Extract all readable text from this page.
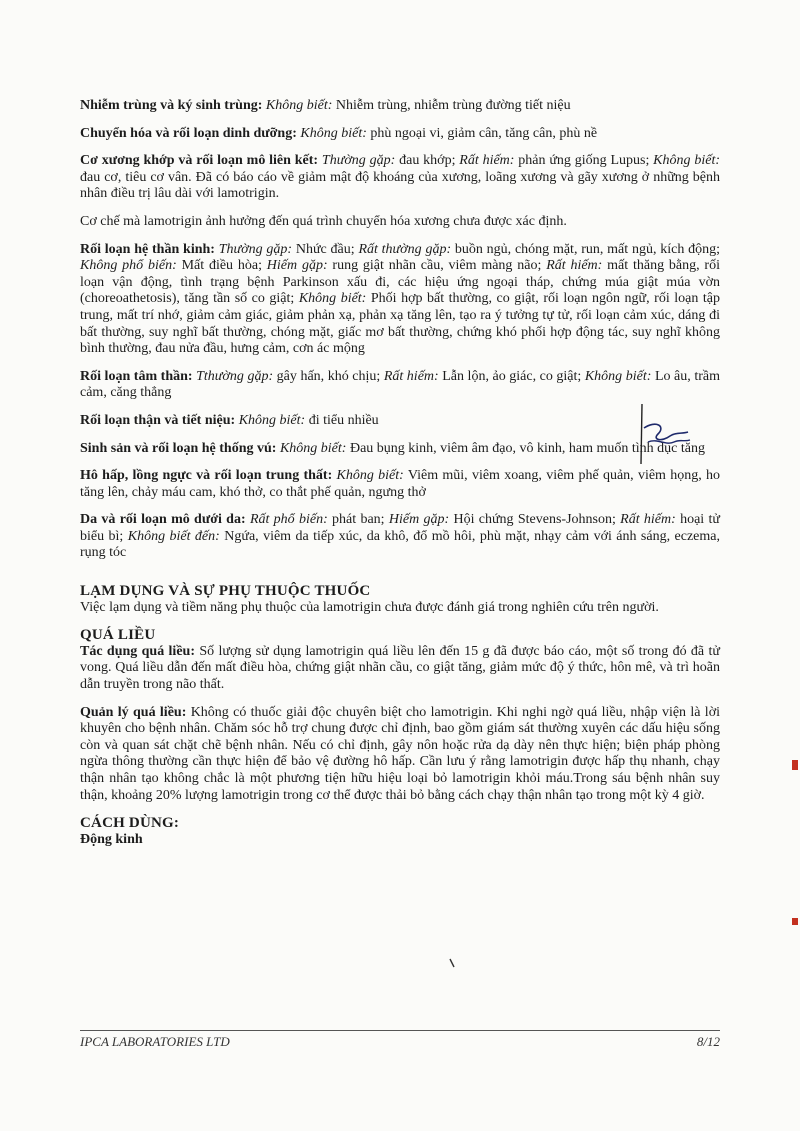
Nhiễm trùng và ký sinh trùng: Không biết: Nhiễm trùng, nhiễm trùng đường tiết niệu

Chuyển hóa và rối loạn dinh dưỡng: Không biết: phù ngoại vi, giảm cân, tăng cân, phù nề

Cơ xương khớp và rối loạn mô liên kết: Thường gặp: đau khớp; Rất hiếm: phản ứng giống Lupus; Không biết: đau cơ, tiêu cơ vân. Đã có báo cáo về giảm mật độ khoáng của xương, loãng xương và gãy xương ở những bệnh nhân điều trị lâu dài với lamotrigin.

Cơ chế mà lamotrigin ảnh hưởng đến quá trình chuyển hóa xương chưa được xác định.

Rối loạn hệ thần kinh: Thường gặp: Nhức đầu; Rất thường gặp: buồn ngủ, chóng mặt, run, mất ngủ, kích động; Không phổ biến: Mất điều hòa; Hiếm gặp: rung giật nhãn cầu, viêm màng não; Rất hiếm: mất thăng bằng, rối loạn vận động, tình trạng bệnh Parkinson xấu đi, các hiệu ứng ngoại tháp, chứng múa giật múa vờn (choreoathetosis), tăng tần số co giật; Không biết: Phối hợp bất thường, co giật, rối loạn ngôn ngữ, rối loạn tập trung, mất trí nhớ, giảm cảm giác, giảm phản xạ, phản xạ tăng lên, tạo ra ý tưởng tự tử, rối loạn cảm xúc, dáng đi bất thường, suy nghĩ bất thường, chóng mặt, giấc mơ bất thường, chứng khó phối hợp động tác, suy nghĩ không bình thường, đau nửa đầu, hưng cảm, cơn ác mộng

Rối loạn tâm thần: Tthường gặp: gây hấn, khó chịu; Rất hiếm: Lẫn lộn, ảo giác, co giật; Không biết: Lo âu, trầm cảm, căng thẳng

Rối loạn thận và tiết niệu: Không biết: đi tiểu nhiều

Sinh sản và rối loạn hệ thống vú: Không biết: Đau bụng kinh, viêm âm đạo, vô kinh, ham muốn tình dục tăng

Hô hấp, lồng ngực và rối loạn trung thất: Không biết: Viêm mũi, viêm xoang, viêm phế quản, viêm họng, ho tăng lên, chảy máu cam, khó thở, co thắt phế quản, ngưng thở

Da và rối loạn mô dưới da: Rất phổ biến: phát ban; Hiếm gặp: Hội chứng Stevens-Johnson; Rất hiếm: hoại tử biểu bì; Không biết đến: Ngứa, viêm da tiếp xúc, da khô, đổ mồ hôi, phù mặt, nhạy cảm với ánh sáng, eczema, rụng tóc

LẠM DỤNG VÀ SỰ PHỤ THUỘC THUỐC

Việc lạm dụng và tiềm năng phụ thuộc của lamotrigin chưa được đánh giá trong nghiên cứu trên người.

QUÁ LIỀU

Tác dụng quá liều: Số lượng sử dụng lamotrigin quá liều lên đến 15 g đã được báo cáo, một số trong đó đã tử vong. Quá liều dẫn đến mất điều hòa, chứng giật nhãn cầu, co giật tăng, giảm mức độ ý thức, hôn mê, và trì hoãn dẫn truyền trong não thất.

Quản lý quá liều: Không có thuốc giải độc chuyên biệt cho lamotrigin. Khi nghi ngờ quá liều, nhập viện là lời khuyên cho bệnh nhân. Chăm sóc hỗ trợ chung được chỉ định, bao gồm giám sát thường xuyên các dấu hiệu sống còn và quan sát chặt chẽ bệnh nhân. Nếu có chỉ định, gây nôn hoặc rửa dạ dày nên thực hiện; biện pháp phòng ngừa thông thường cần thực hiện để bảo vệ đường hô hấp. Cần lưu ý rằng lamotrigin được hấp thụ nhanh, chạy thận nhân tạo không chắc là một phương tiện hữu hiệu loại bỏ lamotrigin khỏi máu.Trong sáu bệnh nhân suy thận, khoảng 20% lượng lamotrigin trong cơ thể được thải bỏ bằng cách chạy thận nhân tạo trong một kỳ 4 giờ.

CÁCH DÙNG:
Động kinh
IPCA LABORATORIES LTD	8/12
